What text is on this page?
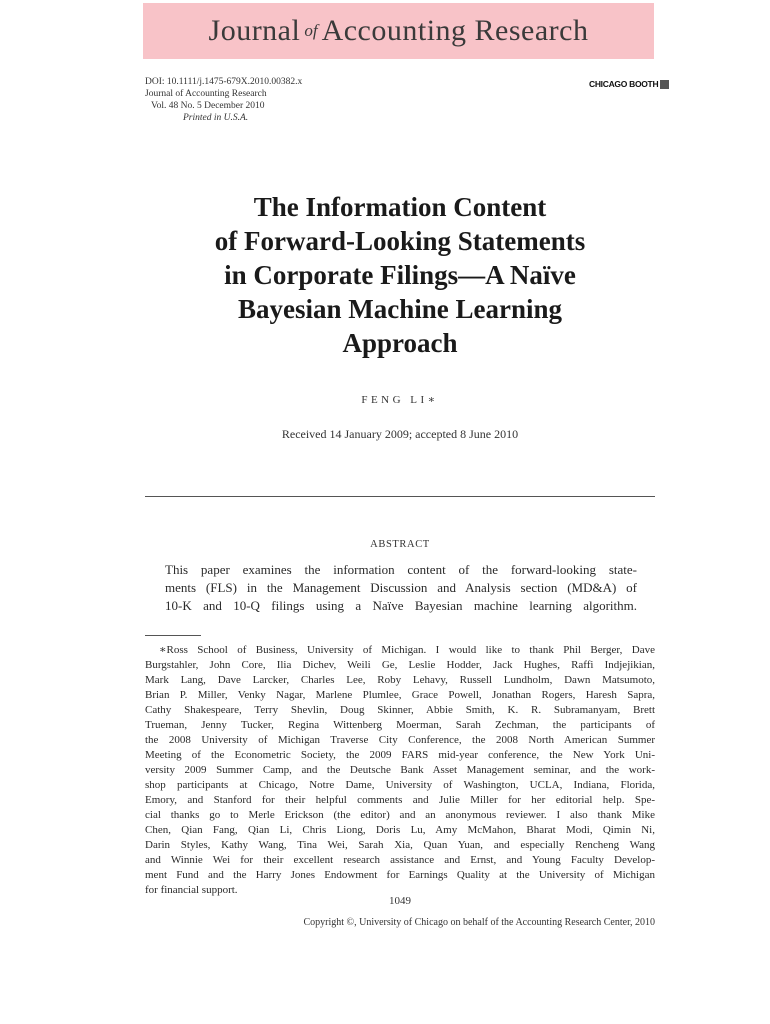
Journal of Accounting Research
DOI: 10.1111/j.1475-679X.2010.00382.x
Journal of Accounting Research
Vol. 48 No. 5 December 2010
Printed in U.S.A.
CHICAGO BOOTH
The Information Content
of Forward-Looking Statements
in Corporate Filings—A Naïve
Bayesian Machine Learning
Approach
FENG LI∗
Received 14 January 2009; accepted 8 June 2010
ABSTRACT
This paper examines the information content of the forward-looking state-
ments (FLS) in the Management Discussion and Analysis section (MD&A) of
10-K and 10-Q filings using a Naïve Bayesian machine learning algorithm.
∗Ross School of Business, University of Michigan. I would like to thank Phil Berger, Dave
Burgstahler, John Core, Ilia Dichev, Weili Ge, Leslie Hodder, Jack Hughes, Raffi Indjejikian,
Mark Lang, Dave Larcker, Charles Lee, Roby Lehavy, Russell Lundholm, Dawn Matsumoto,
Brian P. Miller, Venky Nagar, Marlene Plumlee, Grace Powell, Jonathan Rogers, Haresh Sapra,
Cathy Shakespeare, Terry Shevlin, Doug Skinner, Abbie Smith, K. R. Subramanyam, Brett
Trueman, Jenny Tucker, Regina Wittenberg Moerman, Sarah Zechman, the participants of
the 2008 University of Michigan Traverse City Conference, the 2008 North American Summer
Meeting of the Econometric Society, the 2009 FARS mid-year conference, the New York Uni-
versity 2009 Summer Camp, and the Deutsche Bank Asset Management seminar, and the work-
shop participants at Chicago, Notre Dame, University of Washington, UCLA, Indiana, Florida,
Emory, and Stanford for their helpful comments and Julie Miller for her editorial help. Spe-
cial thanks go to Merle Erickson (the editor) and an anonymous reviewer. I also thank Mike
Chen, Qian Fang, Qian Li, Chris Liong, Doris Lu, Amy McMahon, Bharat Modi, Qimin Ni,
Darin Styles, Kathy Wang, Tina Wei, Sarah Xia, Quan Yuan, and especially Rencheng Wang
and Winnie Wei for their excellent research assistance and Ernst, and Young Faculty Develop-
ment Fund and the Harry Jones Endowment for Earnings Quality at the University of Michigan
for financial support.
1049
Copyright ©, University of Chicago on behalf of the Accounting Research Center, 2010
